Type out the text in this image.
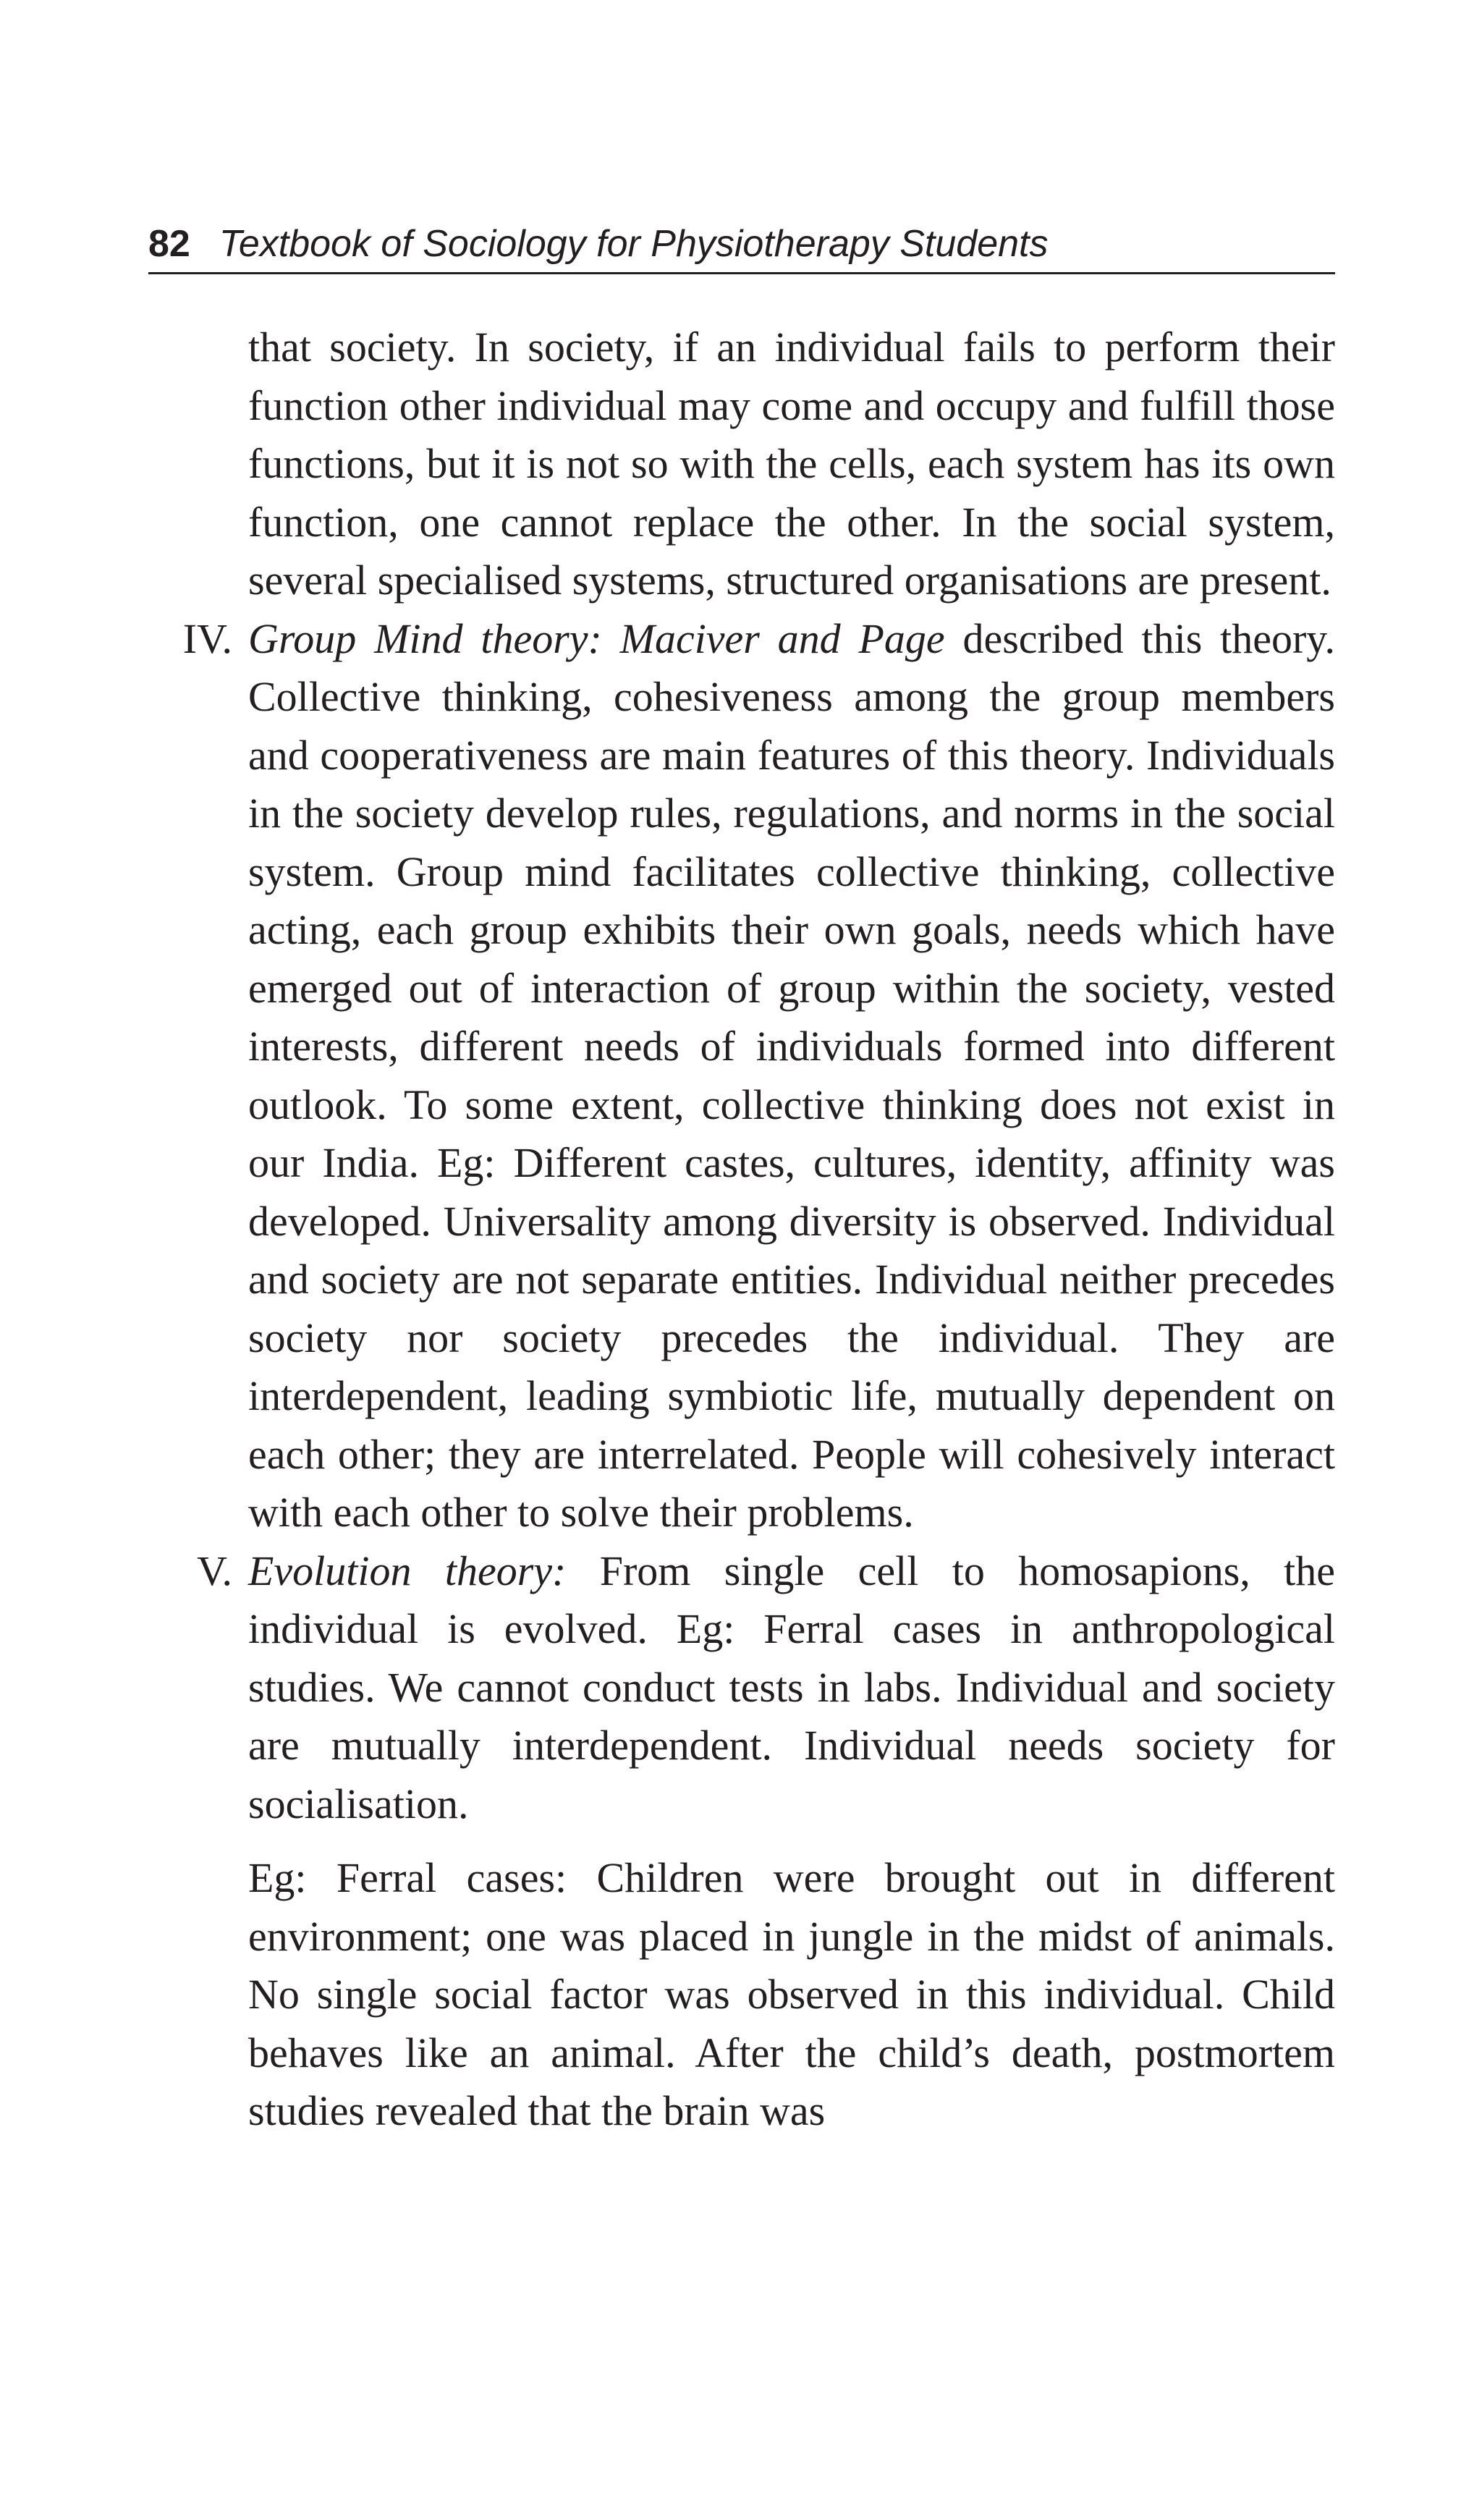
82 Textbook of Sociology for Physiotherapy Students

that society. In society, if an individual fails to perform their function other individual may come and occupy and fulfill those functions, but it is not so with the cells, each system has its own function, one cannot replace the other. In the social system, several specialised systems, structured organisations are present.

IV. Group Mind theory: Maciver and Page described this theory. Collective thinking, cohesiveness among the group members and cooperativeness are main features of this theory. Individuals in the society develop rules, regulations, and norms in the social system. Group mind facilitates collective thinking, collective acting, each group exhibits their own goals, needs which have emerged out of interaction of group within the society, vested interests, different needs of individuals formed into different outlook. To some extent, collective thinking does not exist in our India. Eg: Different castes, cultures, identity, affinity was developed. Universality among diversity is observed. Individual and society are not separate entities. Individual neither precedes society nor society precedes the individual. They are interdependent, leading symbiotic life, mutually dependent on each other; they are interrelated. People will cohesively interact with each other to solve their problems.

V. Evolution theory: From single cell to homosapions, the individual is evolved. Eg: Ferral cases in anthropological studies. We cannot conduct tests in labs. Individual and society are mutually interdependent. Individual needs society for socialisation.

Eg: Ferral cases: Children were brought out in different environment; one was placed in jungle in the midst of animals. No single social factor was observed in this individual. Child behaves like an animal. After the child’s death, postmortem studies revealed that the brain was
